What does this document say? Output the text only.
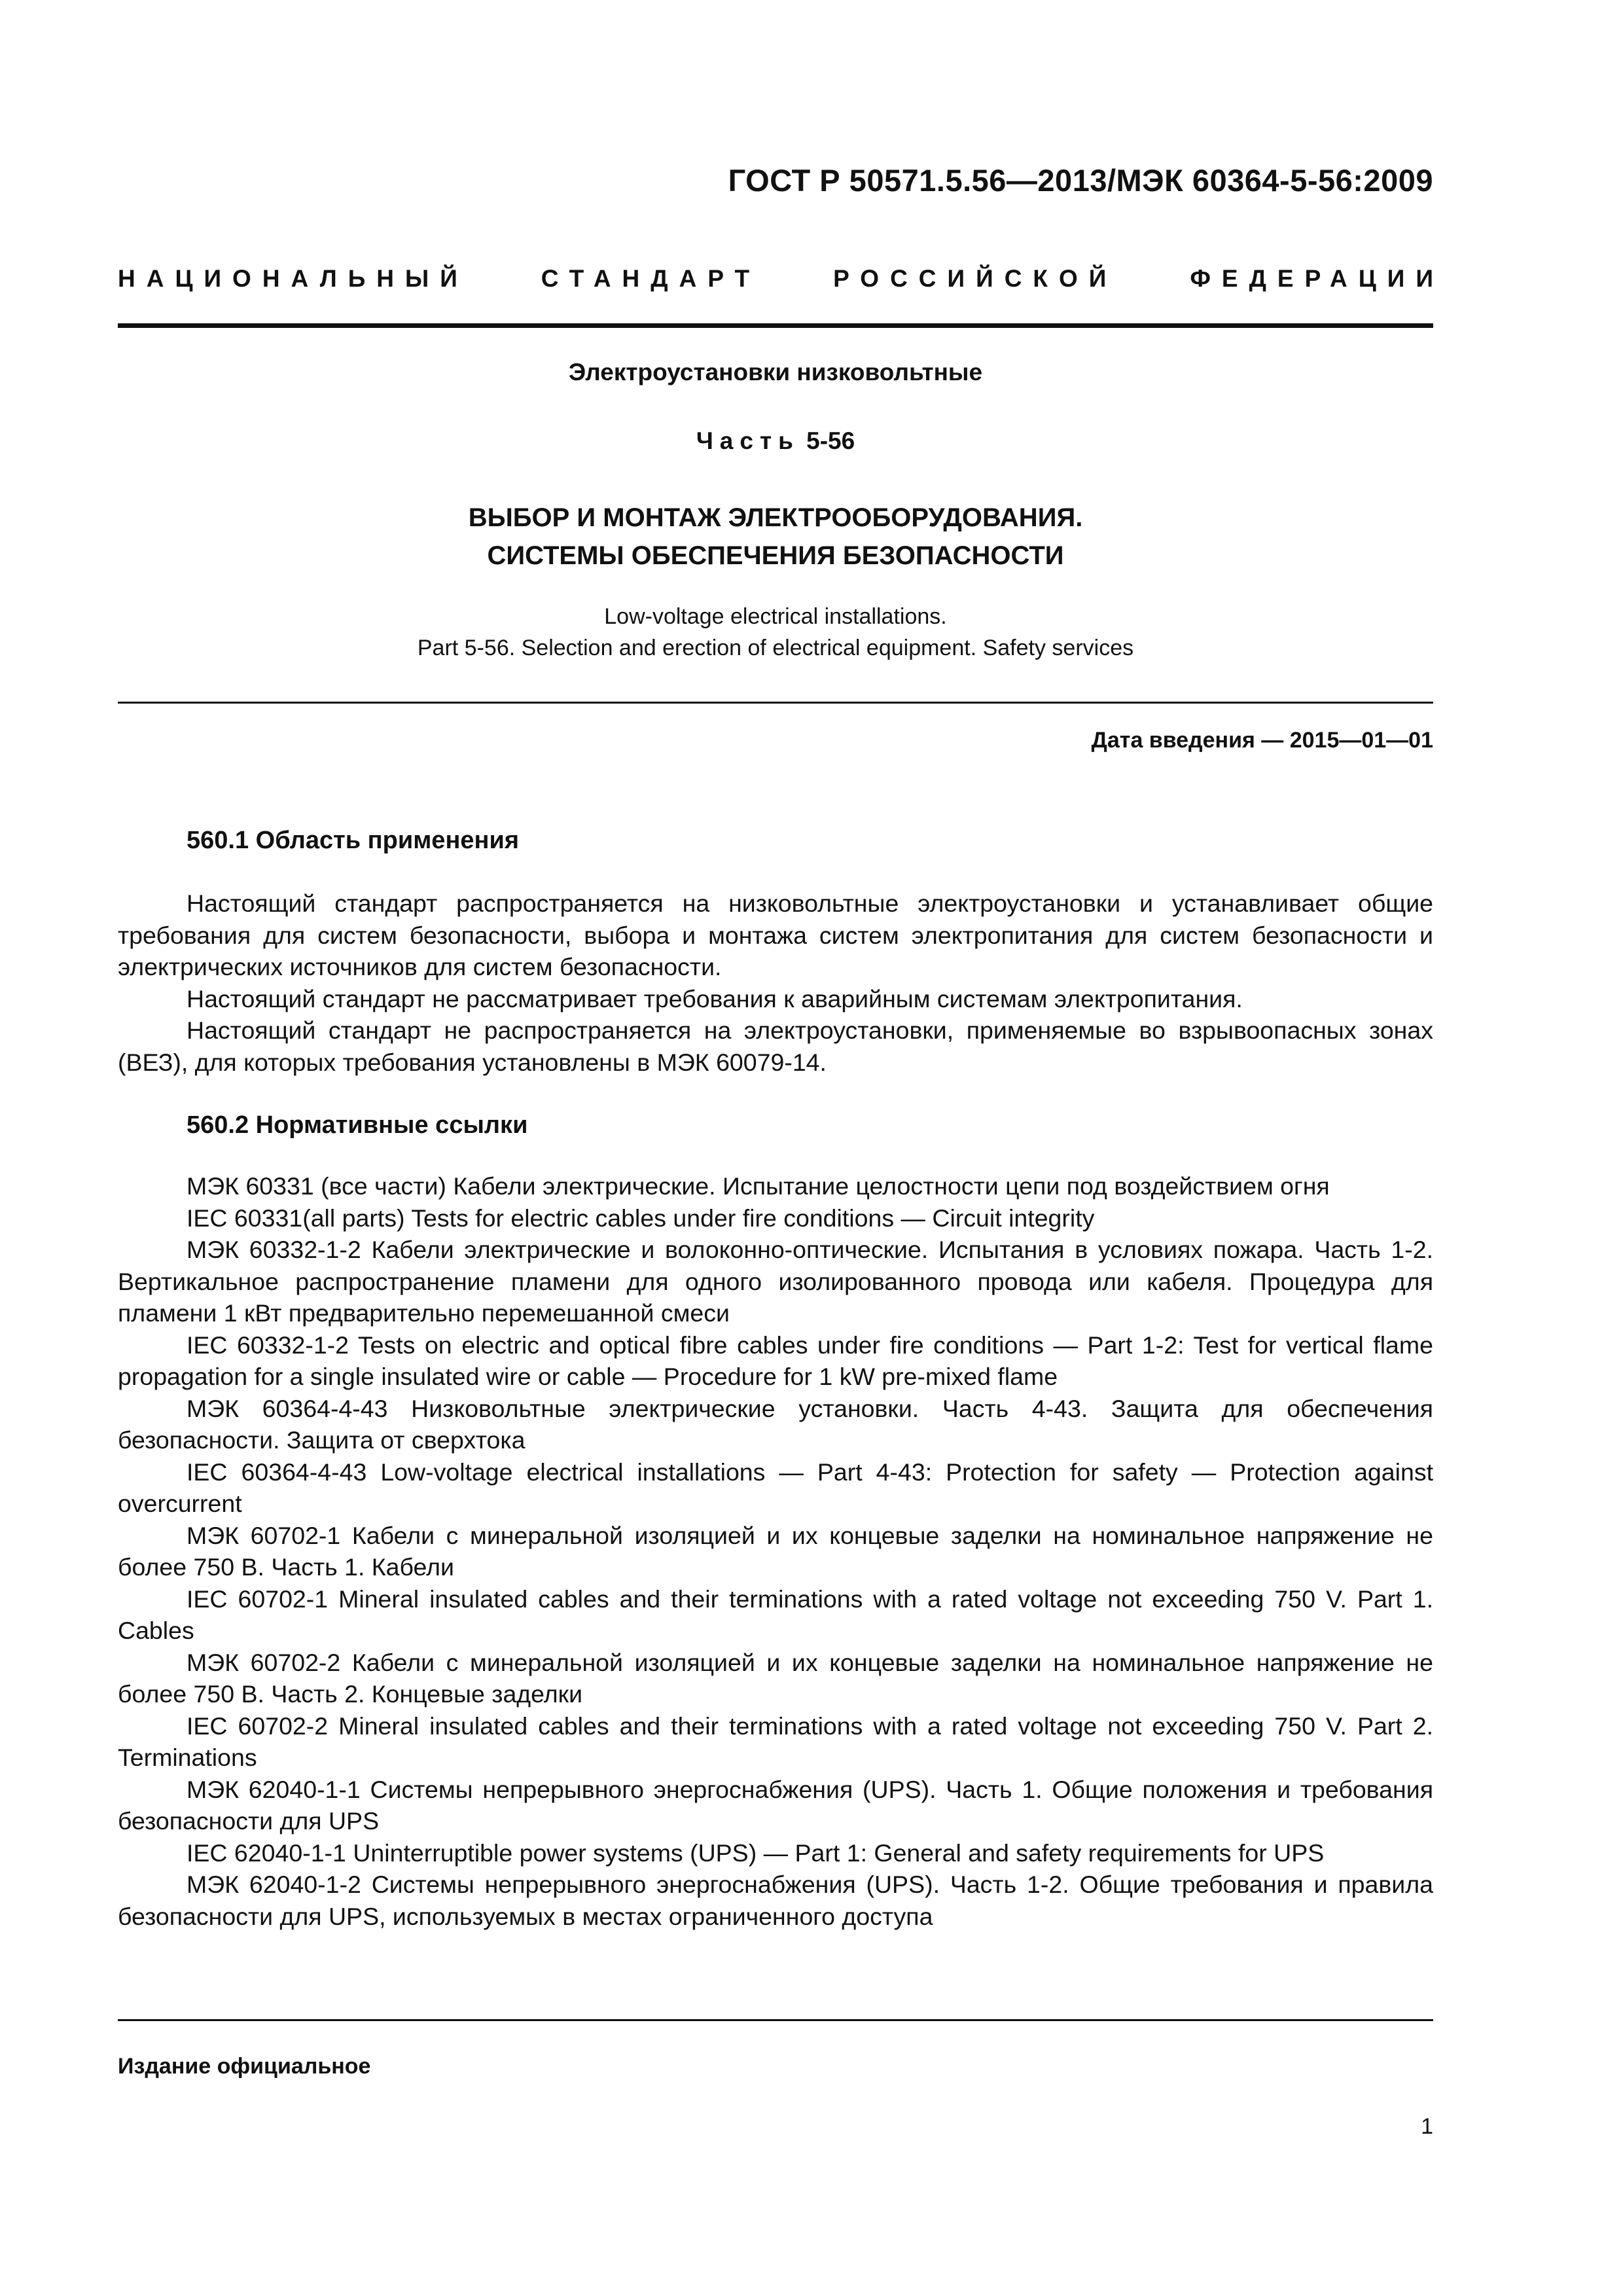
ГОСТ Р 50571.5.56—2013/МЭК 60364-5-56:2009
НАЦИОНАЛЬНЫЙ	СТАНДАРТ	РОССИЙСКОЙ	ФЕДЕРАЦИИ
Электроустановки низковольтные
Часть 5-56
ВЫБОР И МОНТАЖ ЭЛЕКТРООБОРУДОВАНИЯ.
СИСТЕМЫ ОБЕСПЕЧЕНИЯ БЕЗОПАСНОСТИ
Low-voltage electrical installations.
Part 5-56. Selection and erection of electrical equipment. Safety services
Дата введения — 2015—01—01
560.1 Область применения

Настоящий стандарт распространяется на низковольтные электроустановки и устанавливает общие требования для систем безопасности, выбора и монтажа систем электропитания для систем безопасности и электрических источников для систем безопасности.

Настоящий стандарт не рассматривает требования к аварийным системам электропитания.

Настоящий стандарт не распространяется на электроустановки, применяемые во взрывоопасных зонах (ВЕЗ), для которых требования установлены в МЭК 60079-14.

560.2 Нормативные ссылки

МЭК 60331 (все части) Кабели электрические. Испытание целостности цепи под воздействием огня

IEC 60331(all parts) Tests for electric cables under fire conditions — Circuit integrity

МЭК 60332-1-2 Кабели электрические и волоконно-оптические. Испытания в условиях пожара. Часть 1-2. Вертикальное распространение пламени для одного изолированного провода или кабеля. Процедура для пламени 1 кВт предварительно перемешанной смеси

IEC 60332-1-2 Tests on electric and optical fibre cables under fire conditions — Part 1-2: Test for vertical flame propagation for a single insulated wire or cable — Procedure for 1 kW pre-mixed flame

МЭК 60364-4-43 Низковольтные электрические установки. Часть 4-43. Защита для обеспечения безопасности. Защита от сверхтока

IEC 60364-4-43 Low-voltage electrical installations — Part 4-43: Protection for safety — Protection against overcurrent

МЭК 60702-1 Кабели с минеральной изоляцией и их концевые заделки на номинальное напряжение не более 750 В. Часть 1. Кабели

IEC 60702-1 Mineral insulated cables and their terminations with a rated voltage not exceeding 750 V. Part 1. Cables

МЭК 60702-2 Кабели с минеральной изоляцией и их концевые заделки на номинальное напряжение не более 750 В. Часть 2. Концевые заделки

IEC 60702-2 Mineral insulated cables and their terminations with a rated voltage not exceeding 750 V. Part 2. Terminations

МЭК 62040-1-1 Системы непрерывного энергоснабжения (UPS). Часть 1. Общие положения и требования безопасности для UPS

IEC 62040-1-1 Uninterruptible power systems (UPS) — Part 1: General and safety requirements for UPS

МЭК 62040-1-2 Системы непрерывного энергоснабжения (UPS). Часть 1-2. Общие требования и правила безопасности для UPS, используемых в местах ограниченного доступа

Издание официальное
1
